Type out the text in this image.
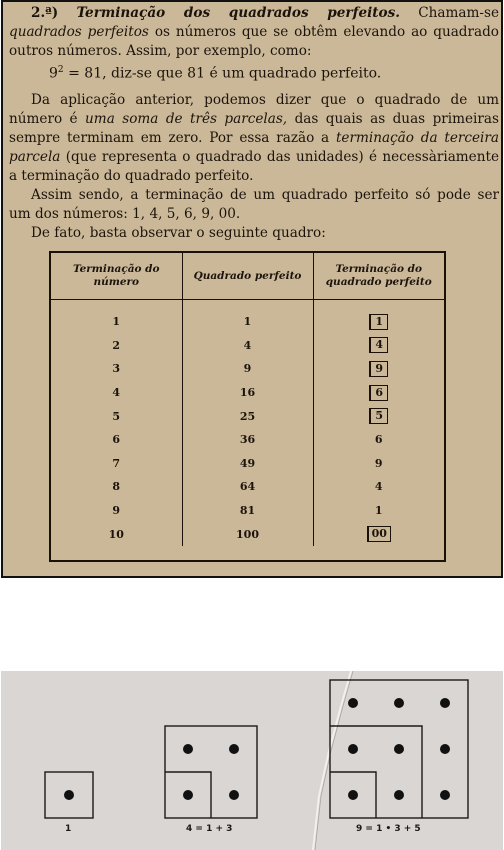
2.ª) Terminação dos quadrados perfeitos. Chamam-se quadrados perfeitos os números que se obtêm elevando ao quadrado outros números. Assim, por exemplo, como:

$9^2 = 81$, diz-se que 81 é um quadrado perfeito.

Da aplicação anterior, podemos dizer que o quadrado de um número é uma soma de três parcelas, das quais as duas primeiras sempre terminam em zero. Por essa razão a terminação da terceira parcela (que representa o quadrado das unidades) é necessàriamente a terminação do quadrado perfeito.

Assim sendo, a terminação de um quadrado perfeito só pode ser um dos números: 1, 4, 5, 6, 9, 00.

De fato, basta observar o seguinte quadro:

Terminação do número	Quadrado perfeito	Terminação do quadrado perfeito
1	1	1
2	4	4
3	9	9
4	16	6
5	25	5
6	36	6
7	49	9
8	64	4
9	81	1
10	100	00
1	4 = 1 + 3	9 = 1 • 3 + 5
